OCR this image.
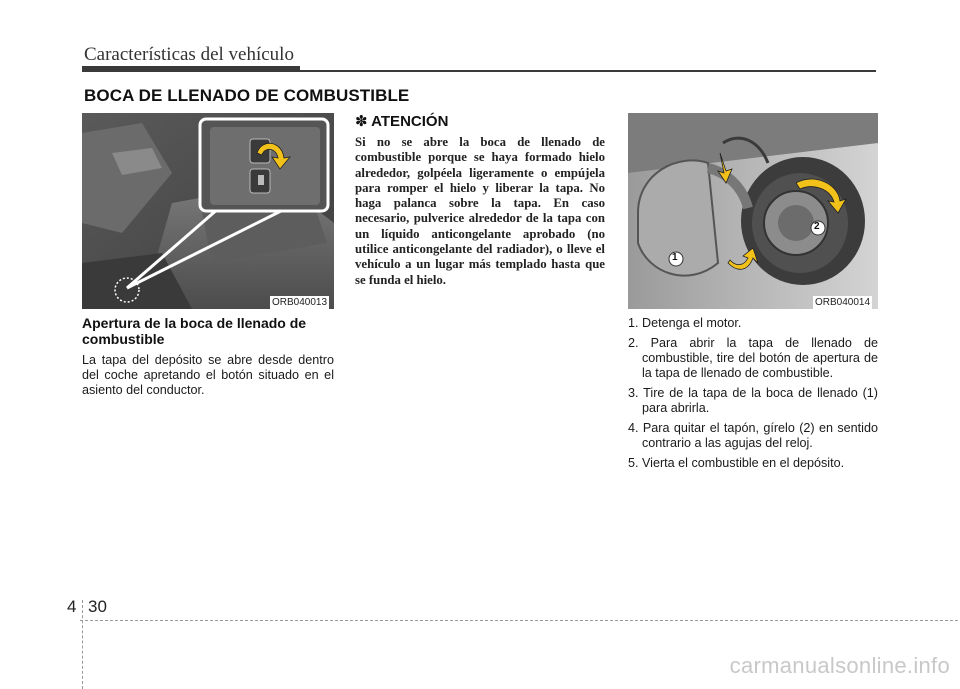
Características del vehículo
BOCA DE LLENADO DE COMBUSTIBLE
ORB040013
1
2
ORB040014
Apertura de la boca de llenado de combustible

La tapa del depósito se abre desde dentro del coche apretando el botón situado en el asiento del conductor.

✽ ATENCIÓN

Si no se abre la boca de llenado de combustible porque se haya formado hielo alrededor, golpéela ligeramente o empújela para romper el hielo y liberar la tapa. No haga palanca sobre la tapa. En caso necesario, pulverice alrededor de la tapa con un líquido anticongelante aprobado (no utilice anticongelante del radiador), o lleve el vehículo a un lugar más templado hasta que se funda el hielo.

1. Detenga el motor.
2. Para abrir la tapa de llenado de combustible, tire del botón de apertura de la tapa de llenado de combustible.
3. Tire de la tapa de la boca de llenado (1) para abrirla.
4. Para quitar el tapón, gírelo (2) en sentido contrario a las agujas del reloj.
5. Vierta el combustible en el depósito.
4 30
carmanualsonline.info
